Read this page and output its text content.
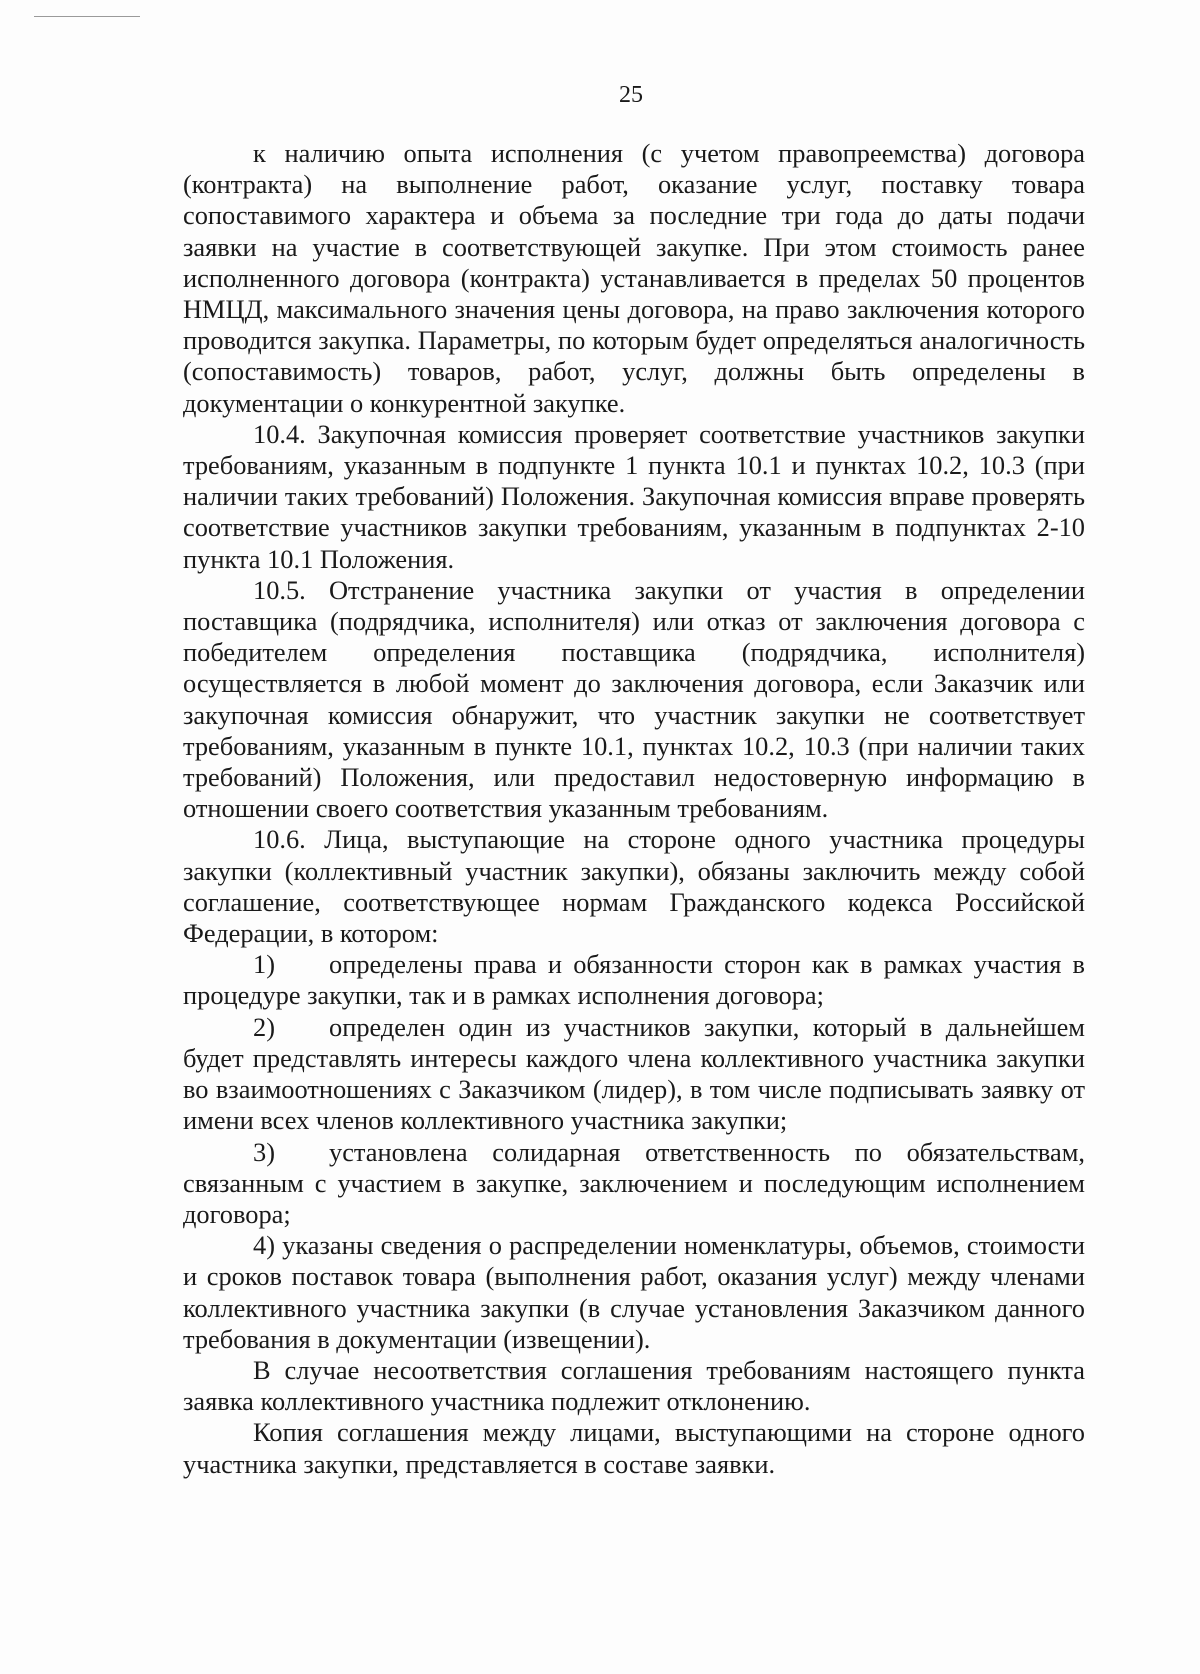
25

к наличию опыта исполнения (с учетом правопреемства) договора (контракта) на выполнение работ, оказание услуг, поставку товара сопоставимого характера и объема за последние три года до даты подачи заявки на участие в соответствующей закупке. При этом стоимость ранее исполненного договора (контракта) устанавливается в пределах 50 процентов НМЦД, максимального значения цены договора, на право заключения которого проводится закупка. Параметры, по которым будет определяться аналогичность (сопоставимость) товаров, работ, услуг, должны быть определены в документации о конкурентной закупке.

10.4. Закупочная комиссия проверяет соответствие участников закупки требованиям, указанным в подпункте 1 пункта 10.1 и пунктах 10.2, 10.3 (при наличии таких требований) Положения. Закупочная комиссия вправе проверять соответствие участников закупки требованиям, указанным в подпунктах 2-10 пункта 10.1 Положения.

10.5. Отстранение участника закупки от участия в определении поставщика (подрядчика, исполнителя) или отказ от заключения договора с победителем определения поставщика (подрядчика, исполнителя) осуществляется в любой момент до заключения договора, если Заказчик или закупочная комиссия обнаружит, что участник закупки не соответствует требованиям, указанным в пункте 10.1, пунктах 10.2, 10.3 (при наличии таких требований) Положения, или предоставил недостоверную информацию в отношении своего соответствия указанным требованиям.

10.6. Лица, выступающие на стороне одного участника процедуры закупки (коллективный участник закупки), обязаны заключить между собой соглашение, соответствующее нормам Гражданского кодекса Российской Федерации, в котором:

1) определены права и обязанности сторон как в рамках участия в процедуре закупки, так и в рамках исполнения договора;

2) определен один из участников закупки, который в дальнейшем будет представлять интересы каждого члена коллективного участника закупки во взаимоотношениях с Заказчиком (лидер), в том числе подписывать заявку от имени всех членов коллективного участника закупки;

3) установлена солидарная ответственность по обязательствам, связанным с участием в закупке, заключением и последующим исполнением договора;

4) указаны сведения о распределении номенклатуры, объемов, стоимости и сроков поставок товара (выполнения работ, оказания услуг) между членами коллективного участника закупки (в случае установления Заказчиком данного требования в документации (извещении).

В случае несоответствия соглашения требованиям настоящего пункта заявка коллективного участника подлежит отклонению.

Копия соглашения между лицами, выступающими на стороне одного участника закупки, представляется в составе заявки.
